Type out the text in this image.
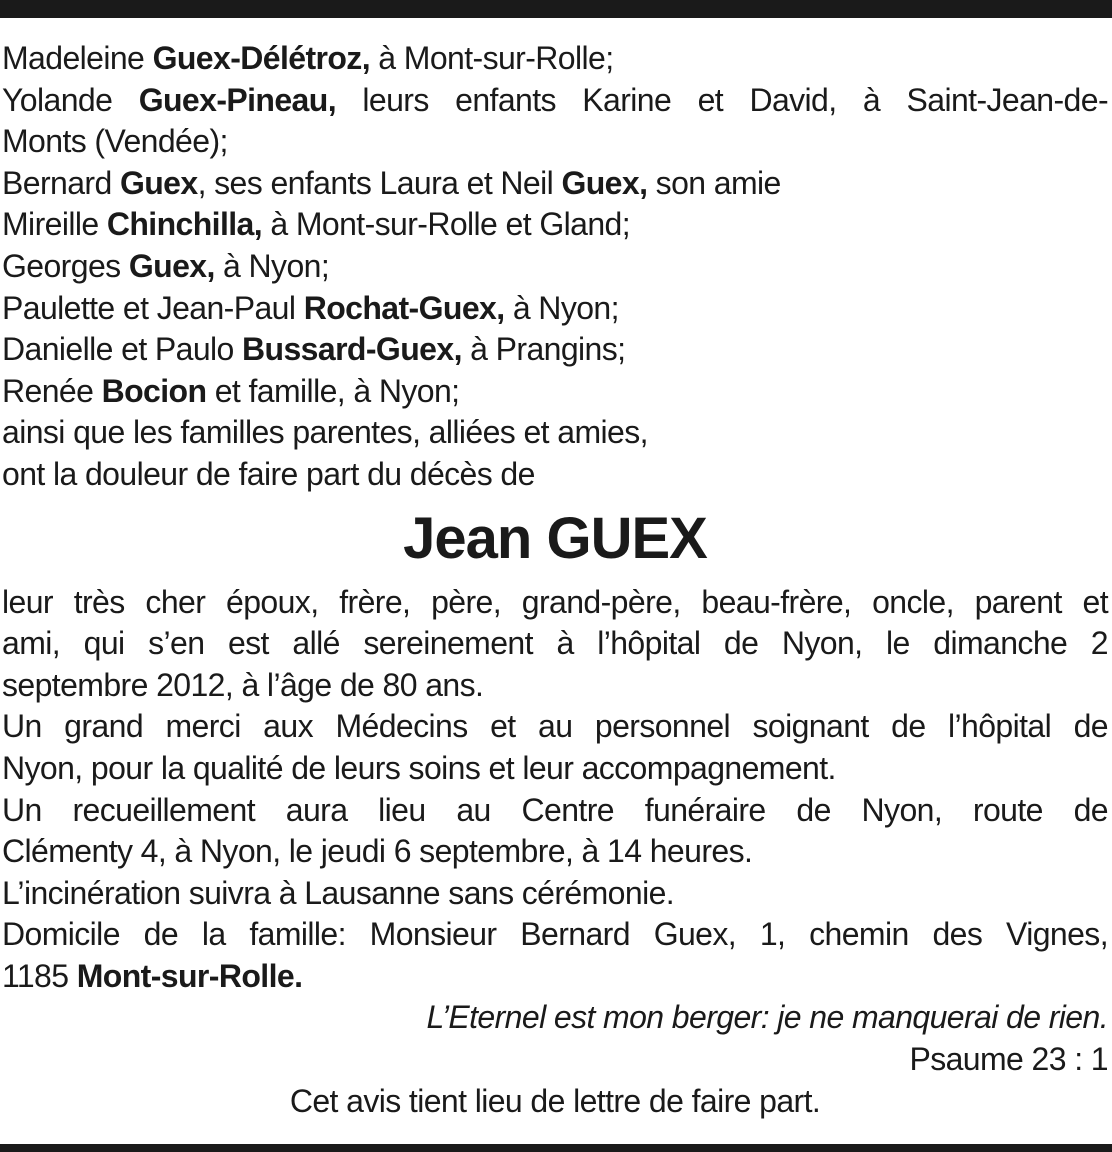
Madeleine Guex-Délétroz, à Mont-sur-Rolle;
Yolande Guex-Pineau, leurs enfants Karine et David, à Saint-Jean-de-
Monts (Vendée);
Bernard Guex, ses enfants Laura et Neil Guex, son amie
Mireille Chinchilla, à Mont-sur-Rolle et Gland;
Georges Guex, à Nyon;
Paulette et Jean-Paul Rochat-Guex, à Nyon;
Danielle et Paulo Bussard-Guex, à Prangins;
Renée Bocion et famille, à Nyon;
ainsi que les familles parentes, alliées et amies,
ont la douleur de faire part du décès de
Jean GUEX
leur très cher époux, frère, père, grand-père, beau-frère, oncle, parent et
ami, qui s’en est allé sereinement à l’hôpital de Nyon, le dimanche 2
septembre 2012, à l’âge de 80 ans.
Un grand merci aux Médecins et au personnel soignant de l’hôpital de
Nyon, pour la qualité de leurs soins et leur accompagnement.
Un recueillement aura lieu au Centre funéraire de Nyon, route de
Clémenty 4, à Nyon, le jeudi 6 septembre, à 14 heures.
L’incinération suivra à Lausanne sans cérémonie.
Domicile de la famille: Monsieur Bernard Guex, 1, chemin des Vignes,
1185 Mont-sur-Rolle.
L’Eternel est mon berger: je ne manquerai de rien.
Psaume 23 : 1
Cet avis tient lieu de lettre de faire part.
